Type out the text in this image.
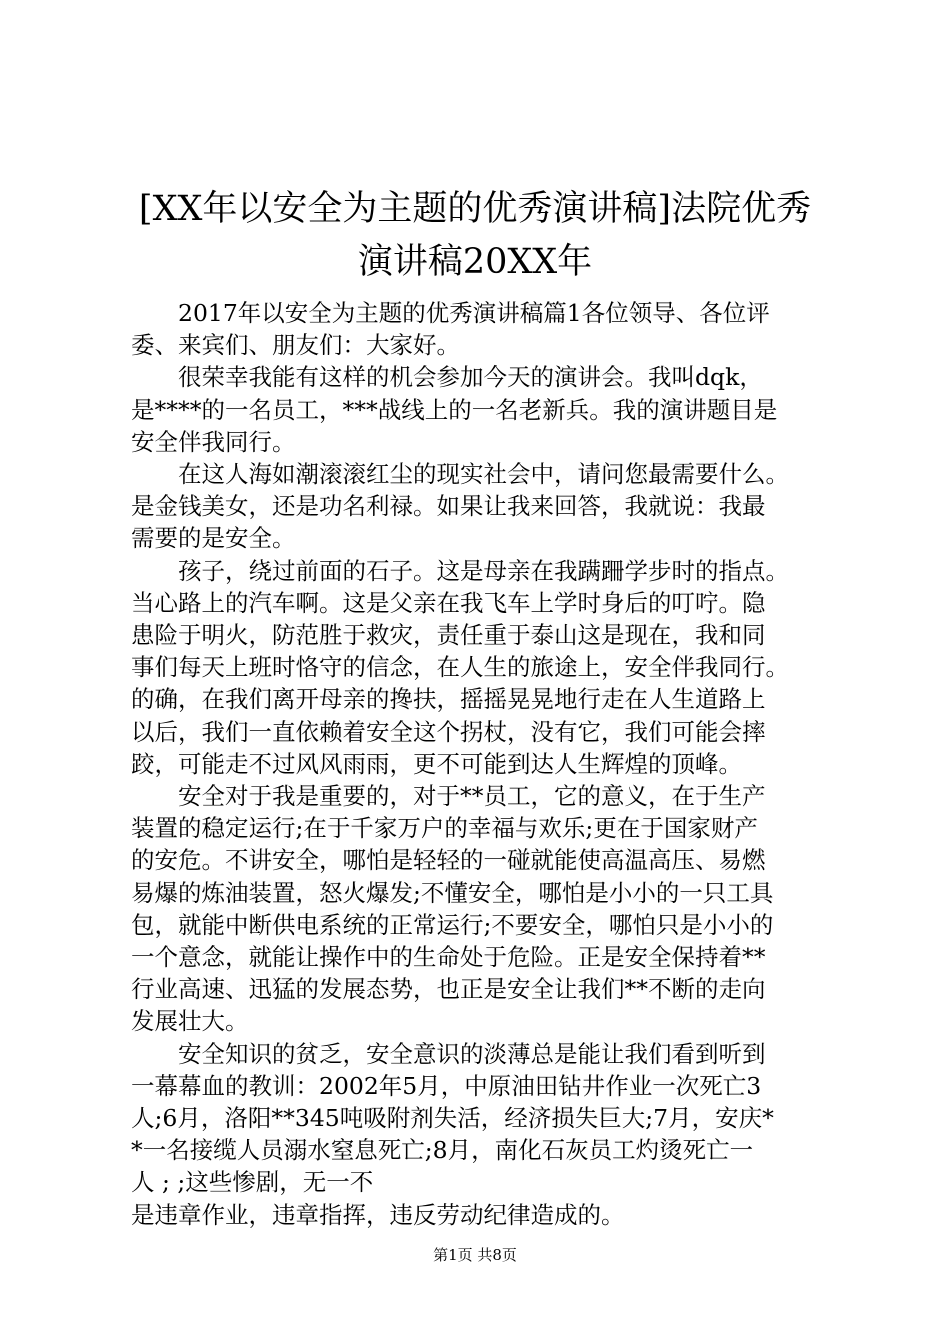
[XX年以安全为主题的优秀演讲稿]法院优秀
演讲稿20XX年

2017年以安全为主题的优秀演讲稿篇1各位领导、各位评
委、来宾们、朋友们：大家好。

很荣幸我能有这样的机会参加今天的演讲会。我叫dqk，
是****的一名员工，***战线上的一名老新兵。我的演讲题目是
安全伴我同行。

在这人海如潮滚滚红尘的现实社会中，请问您最需要什么。
是金钱美女，还是功名利禄。如果让我来回答，我就说：我最
需要的是安全。

孩子，绕过前面的石子。这是母亲在我蹒跚学步时的指点。
当心路上的汽车啊。这是父亲在我飞车上学时身后的叮咛。隐
患险于明火，防范胜于救灾，责任重于泰山这是现在，我和同
事们每天上班时恪守的信念，在人生的旅途上，安全伴我同行。
的确，在我们离开母亲的搀扶，摇摇晃晃地行走在人生道路上
以后，我们一直依赖着安全这个拐杖，没有它，我们可能会摔
跤，可能走不过风风雨雨，更不可能到达人生辉煌的顶峰。

安全对于我是重要的，对于**员工，它的意义，在于生产
装置的稳定运行;在于千家万户的幸福与欢乐;更在于国家财产
的安危。不讲安全，哪怕是轻轻的一碰就能使高温高压、易燃
易爆的炼油装置，怒火爆发;不懂安全，哪怕是小小的一只工具
包，就能中断供电系统的正常运行;不要安全，哪怕只是小小的
一个意念，就能让操作中的生命处于危险。正是安全保持着**
行业高速、迅猛的发展态势，也正是安全让我们**不断的走向
发展壮大。

安全知识的贫乏，安全意识的淡薄总是能让我们看到听到
一幕幕血的教训：2002年5月，中原油田钻井作业一次死亡3
人;6月，洛阳**345吨吸附剂失活，经济损失巨大;7月，安庆*
*一名接缆人员溺水窒息死亡;8月，南化石灰员工灼烫死亡一
人 ; ;这些惨剧，无一不
是违章作业，违章指挥，违反劳动纪律造成的。

第1页 共8页
